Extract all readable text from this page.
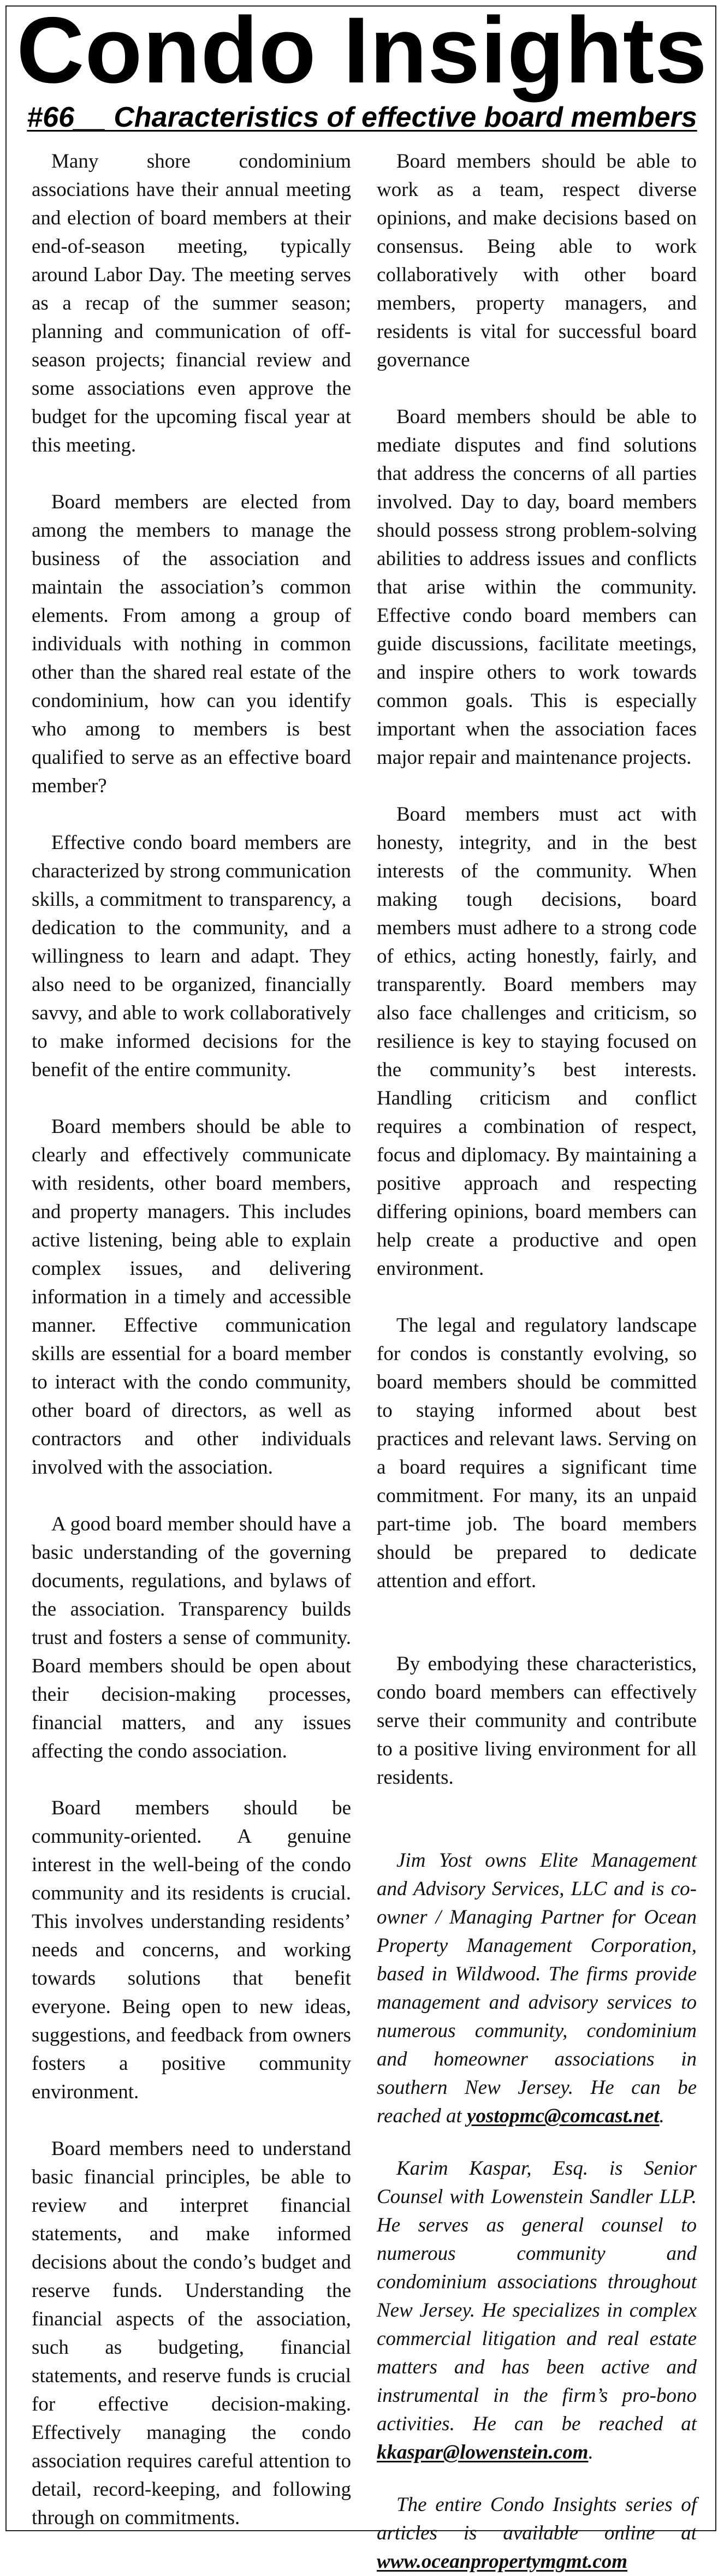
Condo Insights
#66__ Characteristics of effective board members

Many shore condominium associations have their annual meeting and election of board members at their end-of-season meeting, typically around Labor Day. The meeting serves as a recap of the summer season; planning and communication of off-season projects; financial review and some associations even approve the budget for the upcoming fiscal year at this meeting.

Board members are elected from among the members to manage the business of the association and maintain the association’s common elements. From among a group of individuals with nothing in common other than the shared real estate of the condominium, how can you identify who among to members is best qualified to serve as an effective board member?

Effective condo board members are characterized by strong communication skills, a commitment to transparency, a dedication to the community, and a willingness to learn and adapt. They also need to be organized, financially savvy, and able to work collaboratively to make informed decisions for the benefit of the entire community.

Board members should be able to clearly and effectively communicate with residents, other board members, and property managers. This includes active listening, being able to explain complex issues, and delivering information in a timely and accessible manner. Effective communication skills are essential for a board member to interact with the condo community, other board of directors, as well as contractors and other individuals involved with the association.

A good board member should have a basic understanding of the governing documents, regulations, and bylaws of the association. Transparency builds trust and fosters a sense of community. Board members should be open about their decision-making processes, financial matters, and any issues affecting the condo association.

Board members should be community-oriented. A genuine interest in the well-being of the condo community and its residents is crucial. This involves understanding residents’ needs and concerns, and working towards solutions that benefit everyone. Being open to new ideas, suggestions, and feedback from owners fosters a positive community environment.

Board members need to understand basic financial principles, be able to review and interpret financial statements, and make informed decisions about the condo’s budget and reserve funds. Understanding the financial aspects of the association, such as budgeting, financial statements, and reserve funds is crucial for effective decision-making. Effectively managing the condo association requires careful attention to detail, record-keeping, and following through on commitments.

Board members should be able to work as a team, respect diverse opinions, and make decisions based on consensus. Being able to work collaboratively with other board members, property managers, and residents is vital for successful board governance

Board members should be able to mediate disputes and find solutions that address the concerns of all parties involved. Day to day, board members should possess strong problem-solving abilities to address issues and conflicts that arise within the community. Effective condo board members can guide discussions, facilitate meetings, and inspire others to work towards common goals. This is especially important when the association faces major repair and maintenance projects.

Board members must act with honesty, integrity, and in the best interests of the community. When making tough decisions, board members must adhere to a strong code of ethics, acting honestly, fairly, and transparently. Board members may also face challenges and criticism, so resilience is key to staying focused on the community’s best interests. Handling criticism and conflict requires a combination of respect, focus and diplomacy. By maintaining a positive approach and respecting differing opinions, board members can help create a productive and open environment.

The legal and regulatory landscape for condos is constantly evolving, so board members should be committed to staying informed about best practices and relevant laws. Serving on a board requires a significant time commitment. For many, its an unpaid part-time job. The board members should be prepared to dedicate attention and effort.

By embodying these characteristics, condo board members can effectively serve their community and contribute to a positive living environment for all residents.

Jim Yost owns Elite Management and Advisory Services, LLC and is co-owner / Managing Partner for Ocean Property Management Corporation, based in Wildwood. The firms provide management and advisory services to numerous community, condominium and homeowner associations in southern New Jersey. He can be reached at yostopmc@comcast.net.

Karim Kaspar, Esq. is Senior Counsel with Lowenstein Sandler LLP. He serves as general counsel to numerous community and condominium associations throughout New Jersey. He specializes in complex commercial litigation and real estate matters and has been active and instrumental in the firm’s pro-bono activities. He can be reached at kkaspar@lowenstein.com.

The entire Condo Insights series of articles is available online at www.oceanpropertymgmt.com
